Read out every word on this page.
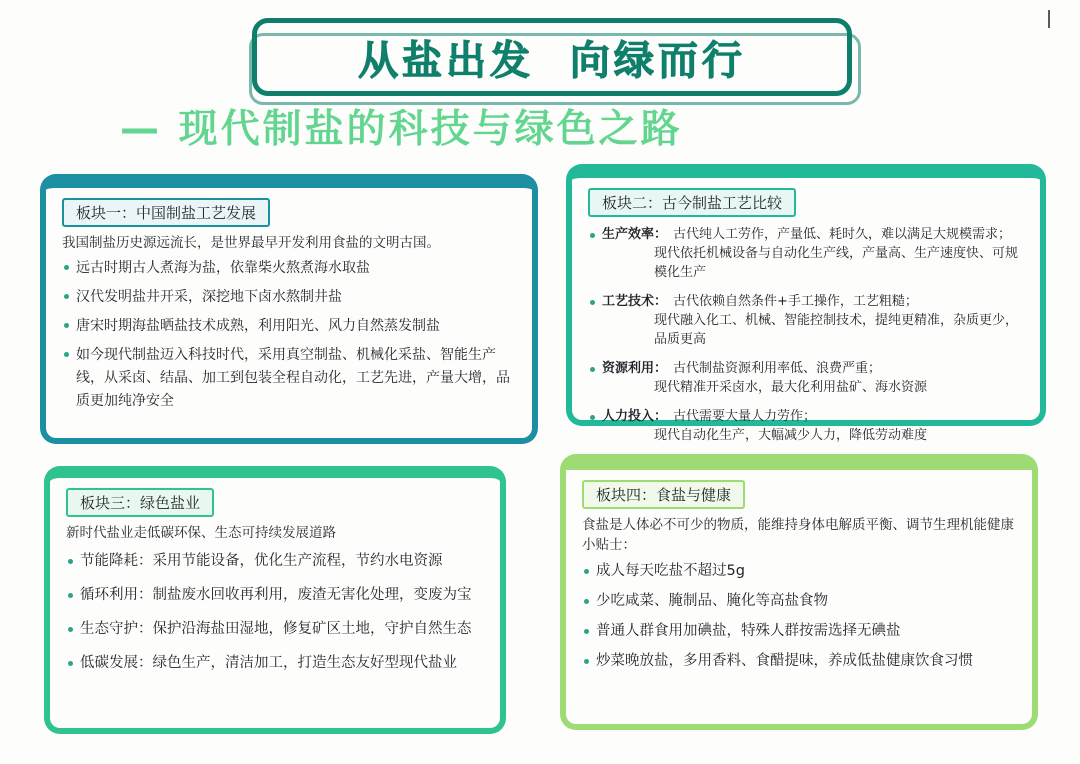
从盐出发  向绿而行
— 现代制盐的科技与绿色之路
板块一：中国制盐工艺发展
我国制盐历史源远流长，是世界最早开发利用食盐的文明古国。
远古时期古人煮海为盐，依靠柴火熬煮海水取盐
汉代发明盐井开采，深挖地下卤水熬制井盐
唐宋时期海盐晒盐技术成熟，利用阳光、风力自然蒸发制盐
如今现代制盐迈入科技时代，采用真空制盐、机械化采盐、智能生产线，从采卤、结晶、加工到包装全程自动化，工艺先进，产量大增，品质更加纯净安全
板块二：古今制盐工艺比较
生产效率： 古代纯人工劳作，产量低、耗时久，难以满足大规模需求；
现代依托机械设备与自动化生产线，产量高、生产速度快、可规模化生产
工艺技术： 古代依赖自然条件+手工操作，工艺粗糙；
现代融入化工、机械、智能控制技术，提纯更精准，杂质更少，品质更高
资源利用： 古代制盐资源利用率低、浪费严重；
现代精准开采卤水，最大化利用盐矿、海水资源
人力投入： 古代需要大量人力劳作；
现代自动化生产，大幅减少人力，降低劳动难度
板块三：绿色盐业
新时代盐业走低碳环保、生态可持续发展道路
节能降耗：采用节能设备，优化生产流程，节约水电资源
循环利用：制盐废水回收再利用，废渣无害化处理，变废为宝
生态守护：保护沿海盐田湿地，修复矿区土地，守护自然生态
低碳发展：绿色生产，清洁加工，打造生态友好型现代盐业
板块四：食盐与健康
食盐是人体必不可少的物质，能维持身体电解质平衡、调节生理机能健康小贴士：
成人每天吃盐不超过5g
少吃咸菜、腌制品、腌化等高盐食物
普通人群食用加碘盐，特殊人群按需选择无碘盐
炒菜晚放盐，多用香料、食醋提味，养成低盐健康饮食习惯
